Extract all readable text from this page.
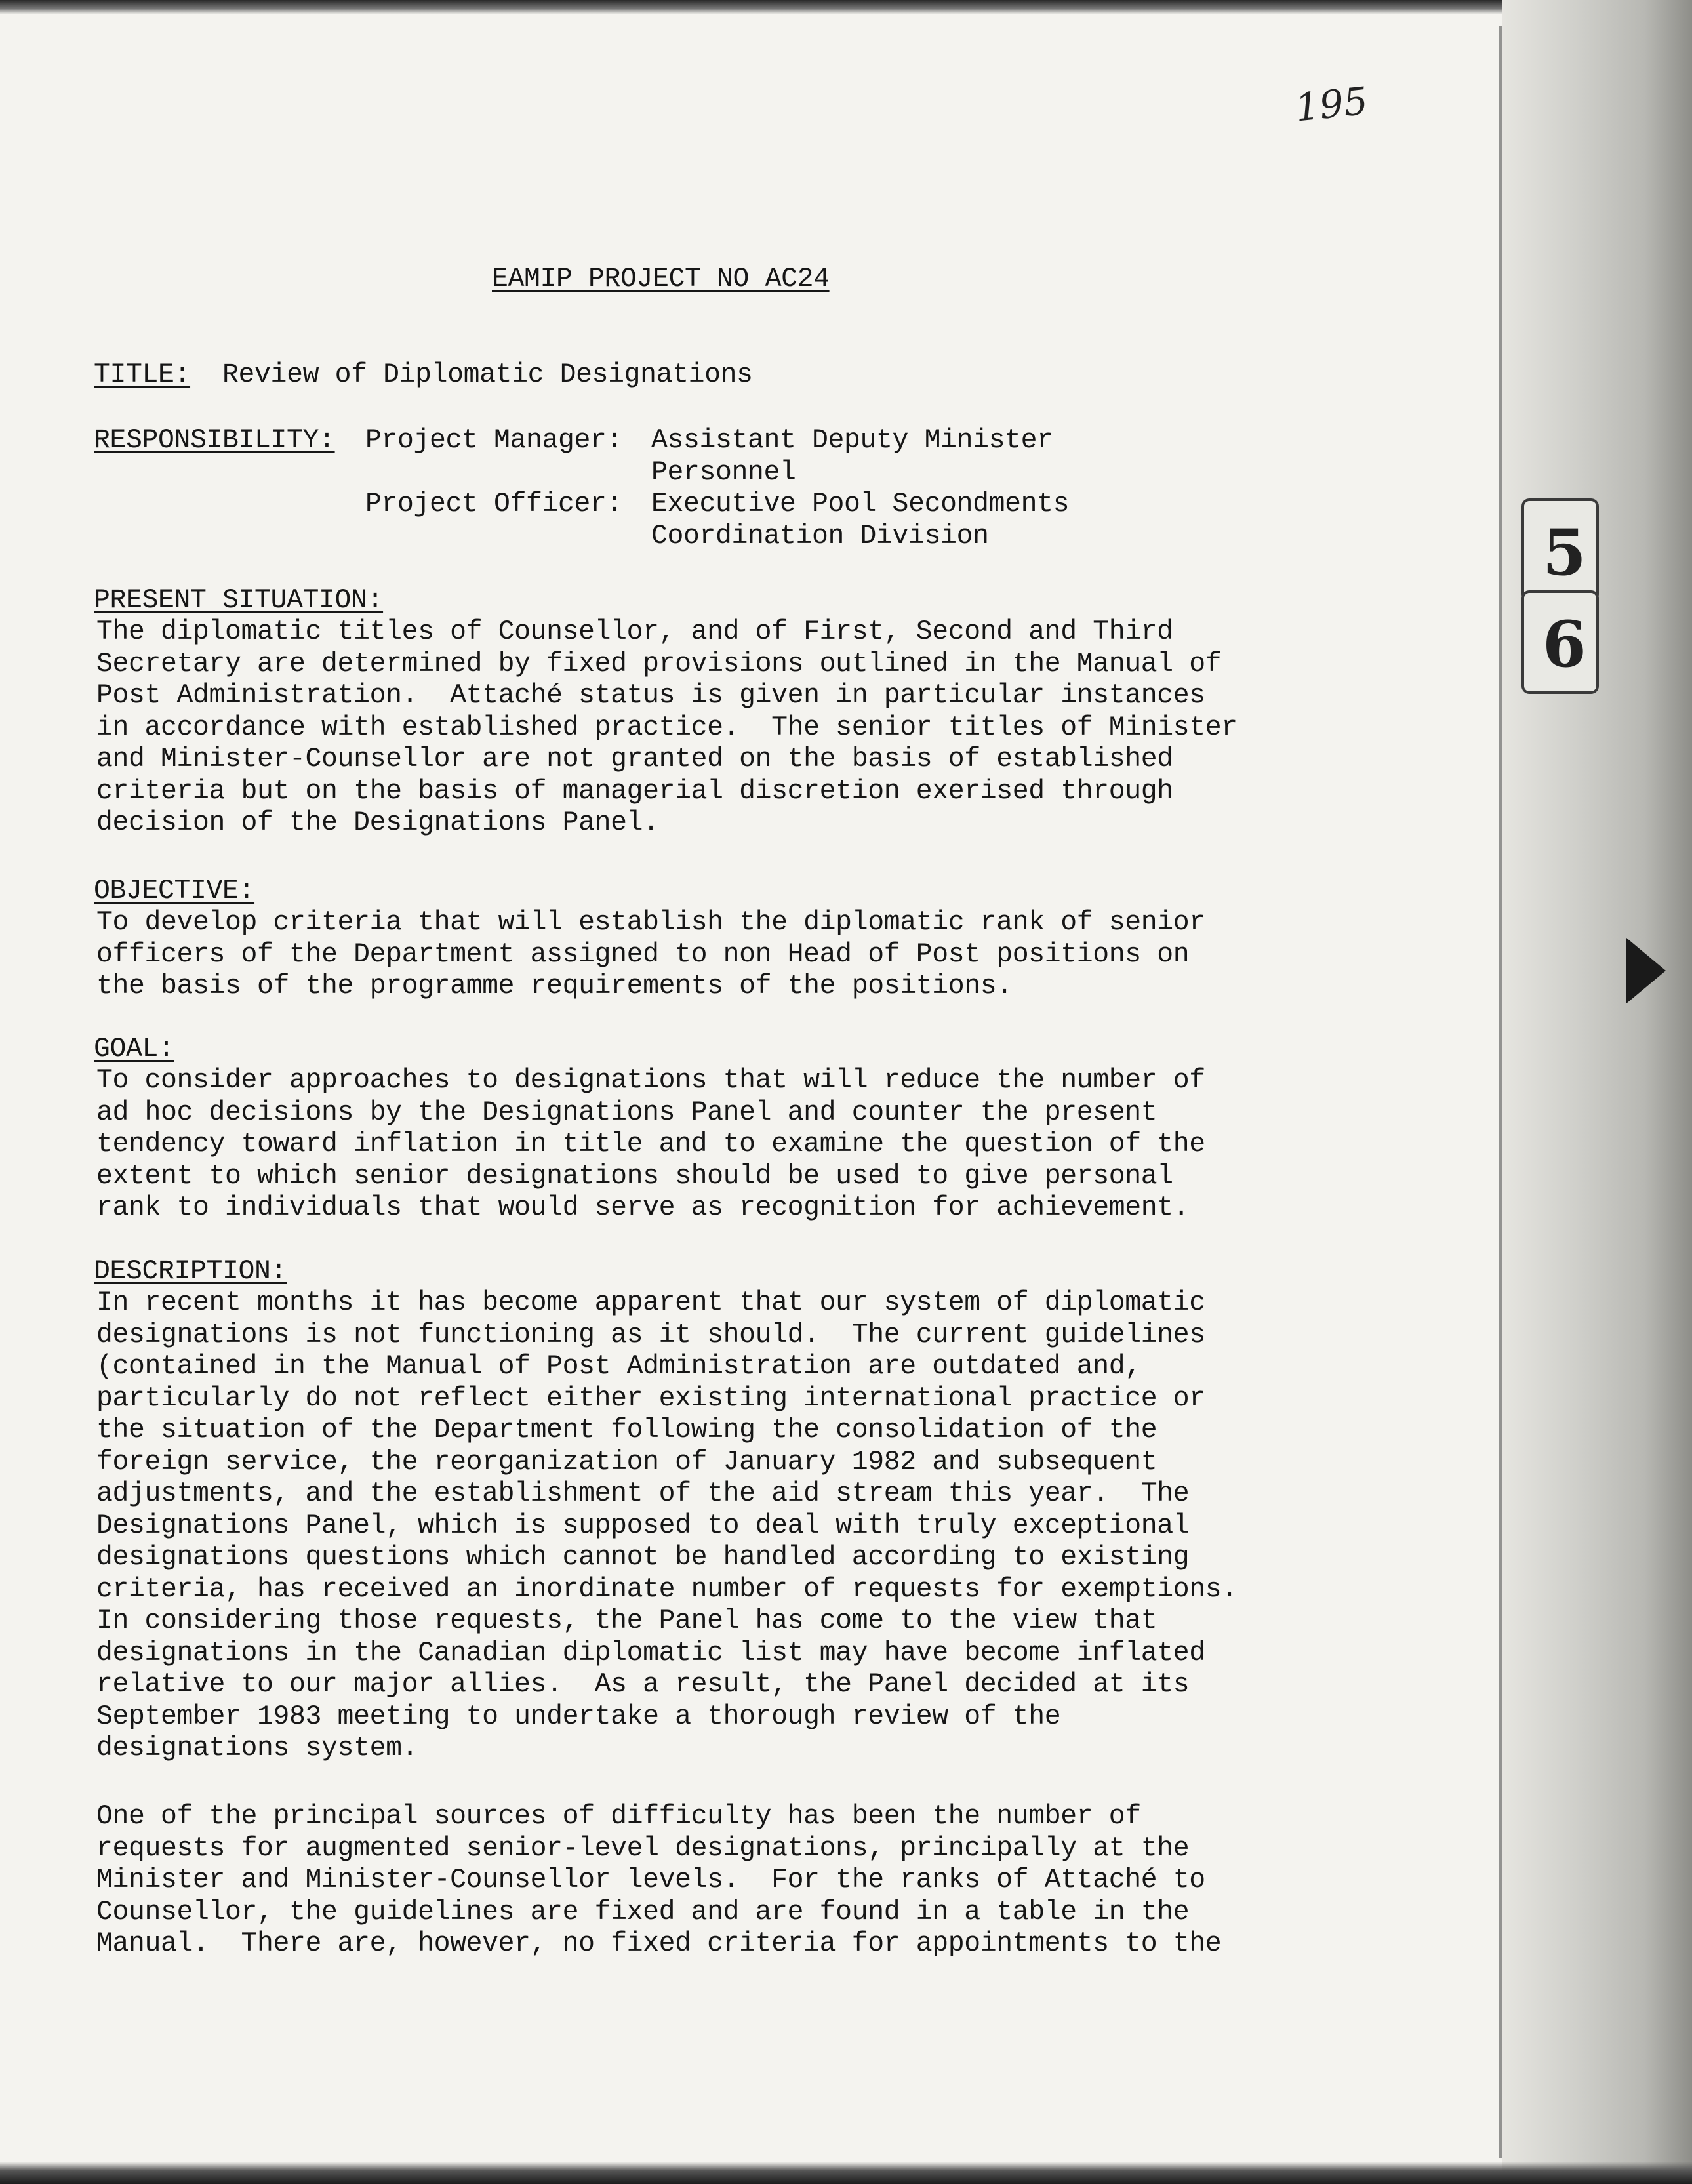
5
6
195
EAMIP PROJECT NO AC24
TITLE: Review of Diplomatic Designations
RESPONSIBILITY: Project Manager:

Project Officer:
Assistant Deputy Minister
Personnel
Executive Pool Secondments
Coordination Division
PRESENT SITUATION:
The diplomatic titles of Counsellor, and of First, Second and Third
Secretary are determined by fixed provisions outlined in the Manual of
Post Administration.  Attaché status is given in particular instances
in accordance with established practice.  The senior titles of Minister
and Minister-Counsellor are not granted on the basis of established
criteria but on the basis of managerial discretion exerised through
decision of the Designations Panel.
OBJECTIVE:
To develop criteria that will establish the diplomatic rank of senior
officers of the Department assigned to non Head of Post positions on
the basis of the programme requirements of the positions.
GOAL:
To consider approaches to designations that will reduce the number of
ad hoc decisions by the Designations Panel and counter the present
tendency toward inflation in title and to examine the question of the
extent to which senior designations should be used to give personal
rank to individuals that would serve as recognition for achievement.
DESCRIPTION:
In recent months it has become apparent that our system of diplomatic
designations is not functioning as it should.  The current guidelines
(contained in the Manual of Post Administration are outdated and,
particularly do not reflect either existing international practice or
the situation of the Department following the consolidation of the
foreign service, the reorganization of January 1982 and subsequent
adjustments, and the establishment of the aid stream this year.  The
Designations Panel, which is supposed to deal with truly exceptional
designations questions which cannot be handled according to existing
criteria, has received an inordinate number of requests for exemptions.
In considering those requests, the Panel has come to the view that
designations in the Canadian diplomatic list may have become inflated
relative to our major allies.  As a result, the Panel decided at its
September 1983 meeting to undertake a thorough review of the
designations system.
One of the principal sources of difficulty has been the number of
requests for augmented senior-level designations, principally at the
Minister and Minister-Counsellor levels.  For the ranks of Attaché to
Counsellor, the guidelines are fixed and are found in a table in the
Manual.  There are, however, no fixed criteria for appointments to the
